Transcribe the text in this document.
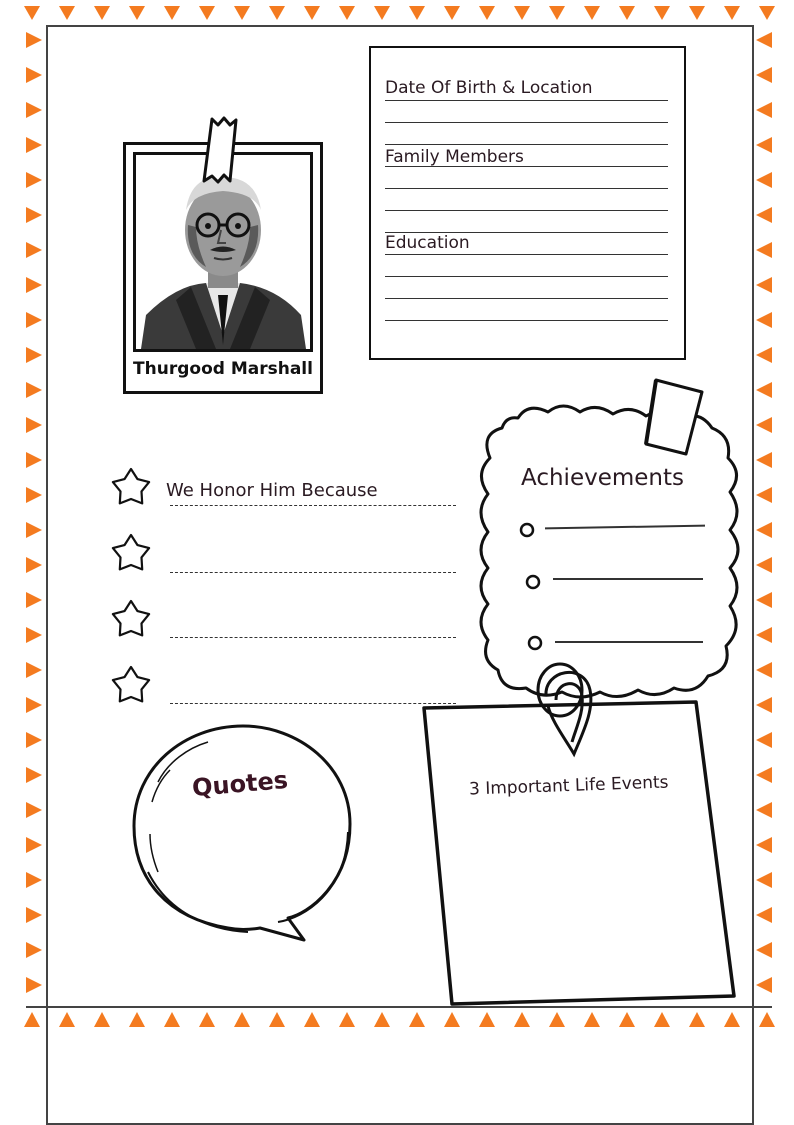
Thurgood Marshall
Date Of Birth & Location
Family Members
Education
We Honor Him Because	Achievements
Quotes	3 Important Life Events
